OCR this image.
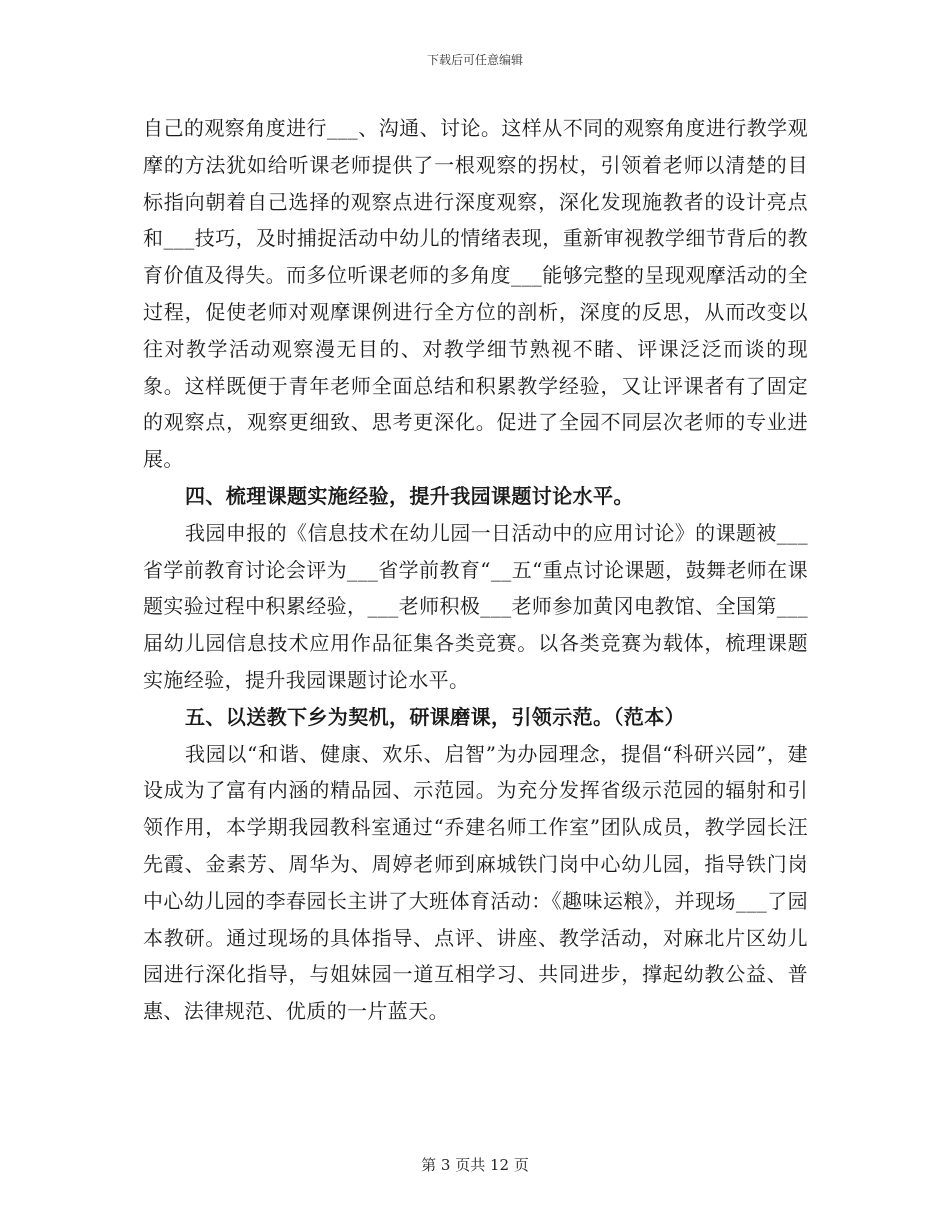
下载后可任意编辑

自己的观察角度进行___、沟通、讨论。这样从不同的观察角度进行教学观摩的方法犹如给听课老师提供了一根观察的拐杖，引领着老师以清楚的目标指向朝着自己选择的观察点进行深度观察，深化发现施教者的设计亮点和___技巧，及时捕捉活动中幼儿的情绪表现，重新审视教学细节背后的教育价值及得失。而多位听课老师的多角度___能够完整的呈现观摩活动的全过程，促使老师对观摩课例进行全方位的剖析，深度的反思，从而改变以往对教学活动观察漫无目的、对教学细节熟视不睹、评课泛泛而谈的现象。这样既便于青年老师全面总结和积累教学经验，又让评课者有了固定的观察点，观察更细致、思考更深化。促进了全园不同层次老师的专业进展。

四、梳理课题实施经验，提升我园课题讨论水平。

我园申报的《信息技术在幼儿园一日活动中的应用讨论》的课题被___省学前教育讨论会评为___省学前教育“__五“重点讨论课题，鼓舞老师在课题实验过程中积累经验，___老师积极___老师参加黄冈电教馆、全国第___届幼儿园信息技术应用作品征集各类竞赛。以各类竞赛为载体，梳理课题实施经验，提升我园课题讨论水平。

五、以送教下乡为契机，研课磨课，引领示范。（范本）

我园以“和谐、健康、欢乐、启智”为办园理念，提倡“科研兴园”，建设成为了富有内涵的精品园、示范园。为充分发挥省级示范园的辐射和引领作用，本学期我园教科室通过“乔建名师工作室”团队成员，教学园长汪先霞、金素芳、周华为、周婷老师到麻城铁门岗中心幼儿园，指导铁门岗中心幼儿园的李春园长主讲了大班体育活动：《趣味运粮》，并现场___了园本教研。通过现场的具体指导、点评、讲座、教学活动，对麻北片区幼儿园进行深化指导，与姐妹园一道互相学习、共同进步，撑起幼教公益、普惠、法律规范、优质的一片蓝天。

第 3 页共 12 页
